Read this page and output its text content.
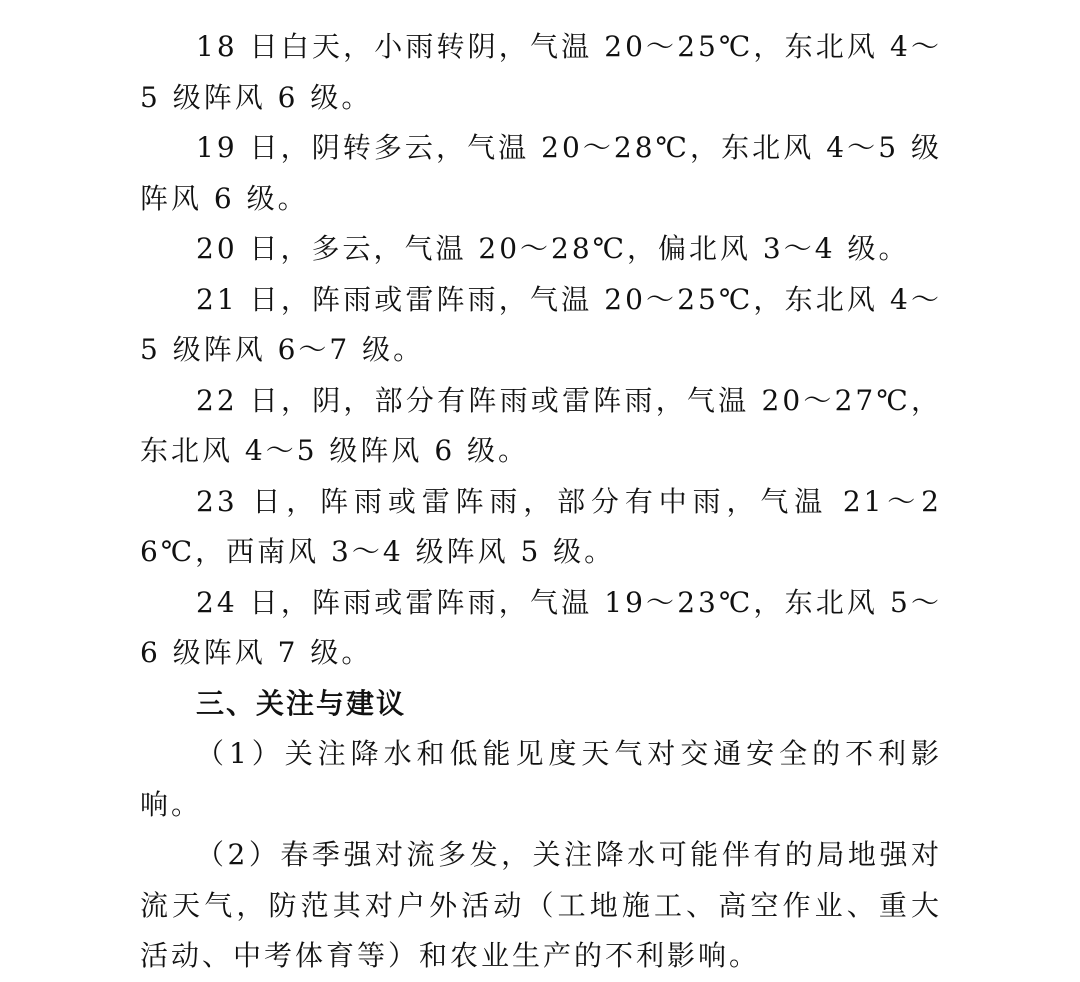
18 日白天，小雨转阴，气温 20～25℃，东北风 4～5 级阵风 6 级。

19 日，阴转多云，气温 20～28℃，东北风 4～5 级阵风 6 级。

20 日，多云，气温 20～28℃，偏北风 3～4 级。

21 日，阵雨或雷阵雨，气温 20～25℃，东北风 4～5 级阵风 6～7 级。

22 日，阴，部分有阵雨或雷阵雨，气温 20～27℃，东北风 4～5 级阵风 6 级。

23 日，阵雨或雷阵雨，部分有中雨，气温 21～26℃，西南风 3～4 级阵风 5 级。

24 日，阵雨或雷阵雨，气温 19～23℃，东北风 5～6 级阵风 7 级。

三、关注与建议

（1）关注降水和低能见度天气对交通安全的不利影响。

（2）春季强对流多发，关注降水可能伴有的局地强对流天气，防范其对户外活动（工地施工、高空作业、重大活动、中考体育等）和农业生产的不利影响。
